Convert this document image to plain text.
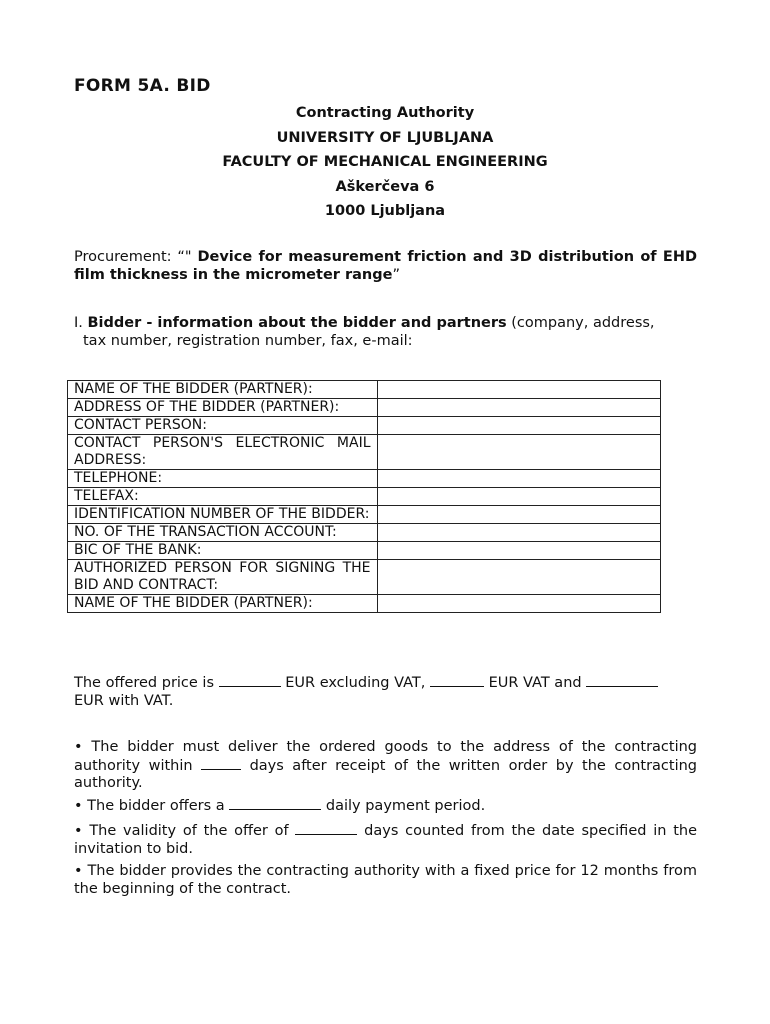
FORM 5A. BID
Contracting Authority
UNIVERSITY OF LJUBLJANA
FACULTY OF MECHANICAL ENGINEERING
Aškerčeva 6
1000 Ljubljana
Procurement: “" Device for measurement friction and 3D distribution of EHD film thickness in the micrometer range”
I. Bidder - information about the bidder and partners (company, address,
tax number, registration number, fax, e-mail:
NAME OF THE BIDDER (PARTNER):	
ADDRESS OF THE BIDDER (PARTNER):	
CONTACT PERSON:	
CONTACT PERSON'S ELECTRONIC MAIL ADDRESS:	
TELEPHONE:	
TELEFAX:	
IDENTIFICATION NUMBER OF THE BIDDER:	
NO. OF THE TRANSACTION ACCOUNT:	
BIC OF THE BANK:	
AUTHORIZED PERSON FOR SIGNING THE BID AND CONTRACT:	
NAME OF THE BIDDER (PARTNER):	
The offered price is	EUR excluding VAT,	EUR VAT and
EUR with VAT.
• The bidder must deliver the ordered goods to the address of the contracting authority within	days after receipt of the written order by the contracting authority.
• The bidder offers a	daily payment period.
• The validity of the offer of	days counted from the date specified in the invitation to bid.
• The bidder provides the contracting authority with a fixed price for 12 months from the beginning of the contract.
